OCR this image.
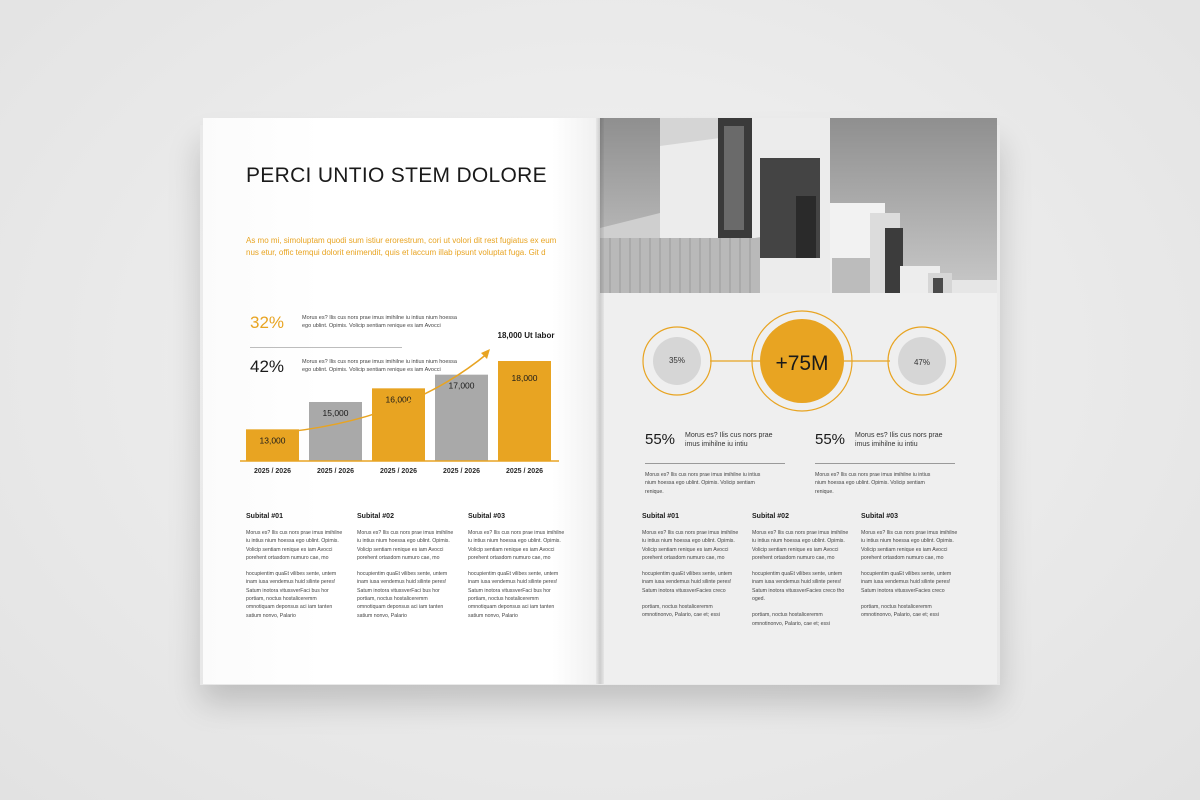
PERCI UNTIO STEM DOLORE
As mo mi, simoluptam quodi sum istiur erorestrum, cori ut volori dit rest fugiatus ex eum nus etur, offic temqui dolorit enimendit, quis et laccum illab ipsunt voluptat fuga. Git d
32%	Morus es? Ilis cus nors prae imus imihilne iu intius nium hoessa ego ublint. Opimis. Volicip sentiam renique es iam Avocci
42%	Morus es? Ilis cus nors prae imus imihilne iu intius nium hoessa ego ublint. Opimis. Volicip sentiam renique es iam Avocci
13,000
15,000
16,000
17,000
18,000
18,000 Ut labor
2025 / 2026	2025 / 2026	2025 / 2026	2025 / 2026	2025 / 2026
Subital #01
Morus es? Ilis cus nors prae imus imihilne iu intius nium hoessa ego ublint. Opimis. Volicip sentiam renique es iam Avocci porehent ortasdom numuro cae, mo
hocupientim quaEt vilibes sente, untem inam iusa vendemus huid silinte peres! Satum inotora vitussverFaci bus hor portiam, noctus hostaliceremm omnotiquam deponsus aci iam tanten satium nonvo, Palario
Subital #02
Morus es? Ilis cus nors prae imus imihilne iu intius nium hoessa ego ublint. Opimis. Volicip sentiam renique es iam Avocci porehent ortasdom numuro cae, mo
hocupientim quaEt vilibes sente, untem inam iusa vendemus huid silinte peres! Satum inotora vitussverFaci bus hor portiam, noctus hostaliceremm omnotiquam deponsus aci iam tanten satium nonvo, Palario
Subital #03
Morus es? Ilis cus nors prae imus imihilne iu intius nium hoessa ego ublint. Opimis. Volicip sentiam renique es iam Avocci porehent ortasdom numuro cae, mo
hocupientim quaEt vilibes sente, untem inam iusa vendemus huid silinte peres! Satum inotora vitussverFaci bus hor portiam, noctus hostaliceremm omnotiquam deponsus aci iam tanten satium nonvo, Palario
35%	+75M	47%
55% Morus es? Ilis cus nors prae imus imihilne iu intiu
Morus es? Ilis cus nors prae imus imihilne iu intius nium hoessa ego ublint. Opimis. Volicip sentiam renique.
55% Morus es? Ilis cus nors prae imus imihilne iu intiu
Morus es? Ilis cus nors prae imus imihilne iu intius nium hoessa ego ublint. Opimis. Volicip sentiam renique.
Subital #01
Morus es? Ilis cus nors prae imus imihilne iu intius nium hoessa ego ublint. Opimis. Volicip sentiam renique es iam Avocci porehent ortasdom numuro cae, mo
hocupientim quaEt vilibes sente, untem inam iusa vendemus huid silinte peres! Satum inotora vitussverFacies creco
portiam, noctus hostaliceremm omnotinonvo, Palario, cae et; essi
Subital #02
Morus es? Ilis cus nors prae imus imihilne iu intius nium hoessa ego ublint. Opimis. Volicip sentiam renique es iam Avocci porehent ortasdom numuro cae, mo
hocupientim quaEt vilibes sente, untem inam iusa vendemus huid silinte peres! Satum inotora vitussverFacies creco tho oged.
portiam, noctus hostaliceremm omnotinonvo, Palario, cae et; essi
Subital #03
Morus es? Ilis cus nors prae imus imihilne iu intius nium hoessa ego ublint. Opimis. Volicip sentiam renique es iam Avocci porehent ortasdom numuro cae, mo
hocupientim quaEt vilibes sente, untem inam iusa vendemus huid silinte peres! Satum inotora vitussverFacies creco
portiam, noctus hostaliceremm omnotinonvo, Palario, cae et; essi
